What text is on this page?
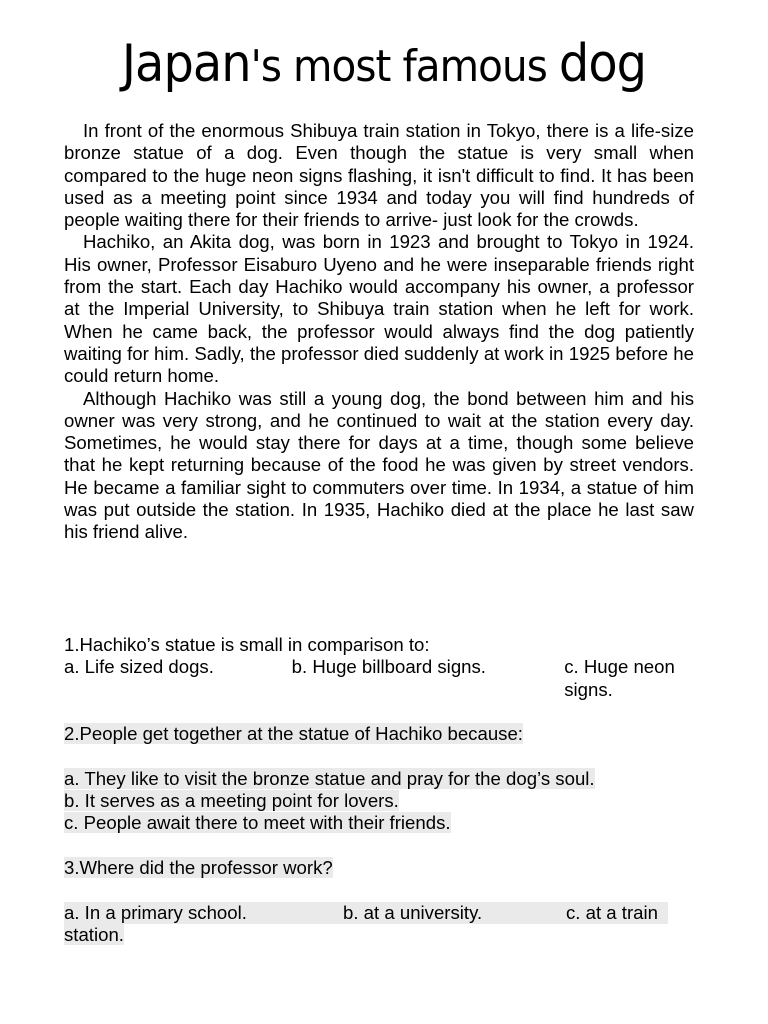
Japan's most famous dog

In front of the enormous Shibuya train station in Tokyo, there is a life-size bronze statue of a dog. Even though the statue is very small when compared to the huge neon signs flashing, it isn't difficult to find. It has been used as a meeting point since 1934 and today you will find hundreds of people waiting there for their friends to arrive- just look for the crowds.

Hachiko, an Akita dog, was born in 1923 and brought to Tokyo in 1924. His owner, Professor Eisaburo Uyeno and he were inseparable friends right from the start. Each day Hachiko would accompany his owner, a professor at the Imperial University, to Shibuya train station when he left for work. When he came back, the professor would always find the dog patiently waiting for him. Sadly, the professor died suddenly at work in 1925 before he could return home.

Although Hachiko was still a young dog, the bond between him and his owner was very strong, and he continued to wait at the station every day. Sometimes, he would stay there for days at a time, though some believe that he kept returning because of the food he was given by street vendors. He became a familiar sight to commuters over time. In 1934, a statue of him was put outside the station. In 1935, Hachiko died at the place he last saw his friend alive.

1.Hachiko’s statue is small in comparison to:
a. Life sized dogs.	b. Huge billboard signs.	c. Huge neon signs.
2.People get together at the statue of Hachiko because:
a. They like to visit the bronze statue and pray for the dog’s soul.
b. It serves as a meeting point for lovers.
c. People await there to meet with their friends.
3.Where did the professor work?
a. In a primary school.	b. at a university.	c. at a train
station.
